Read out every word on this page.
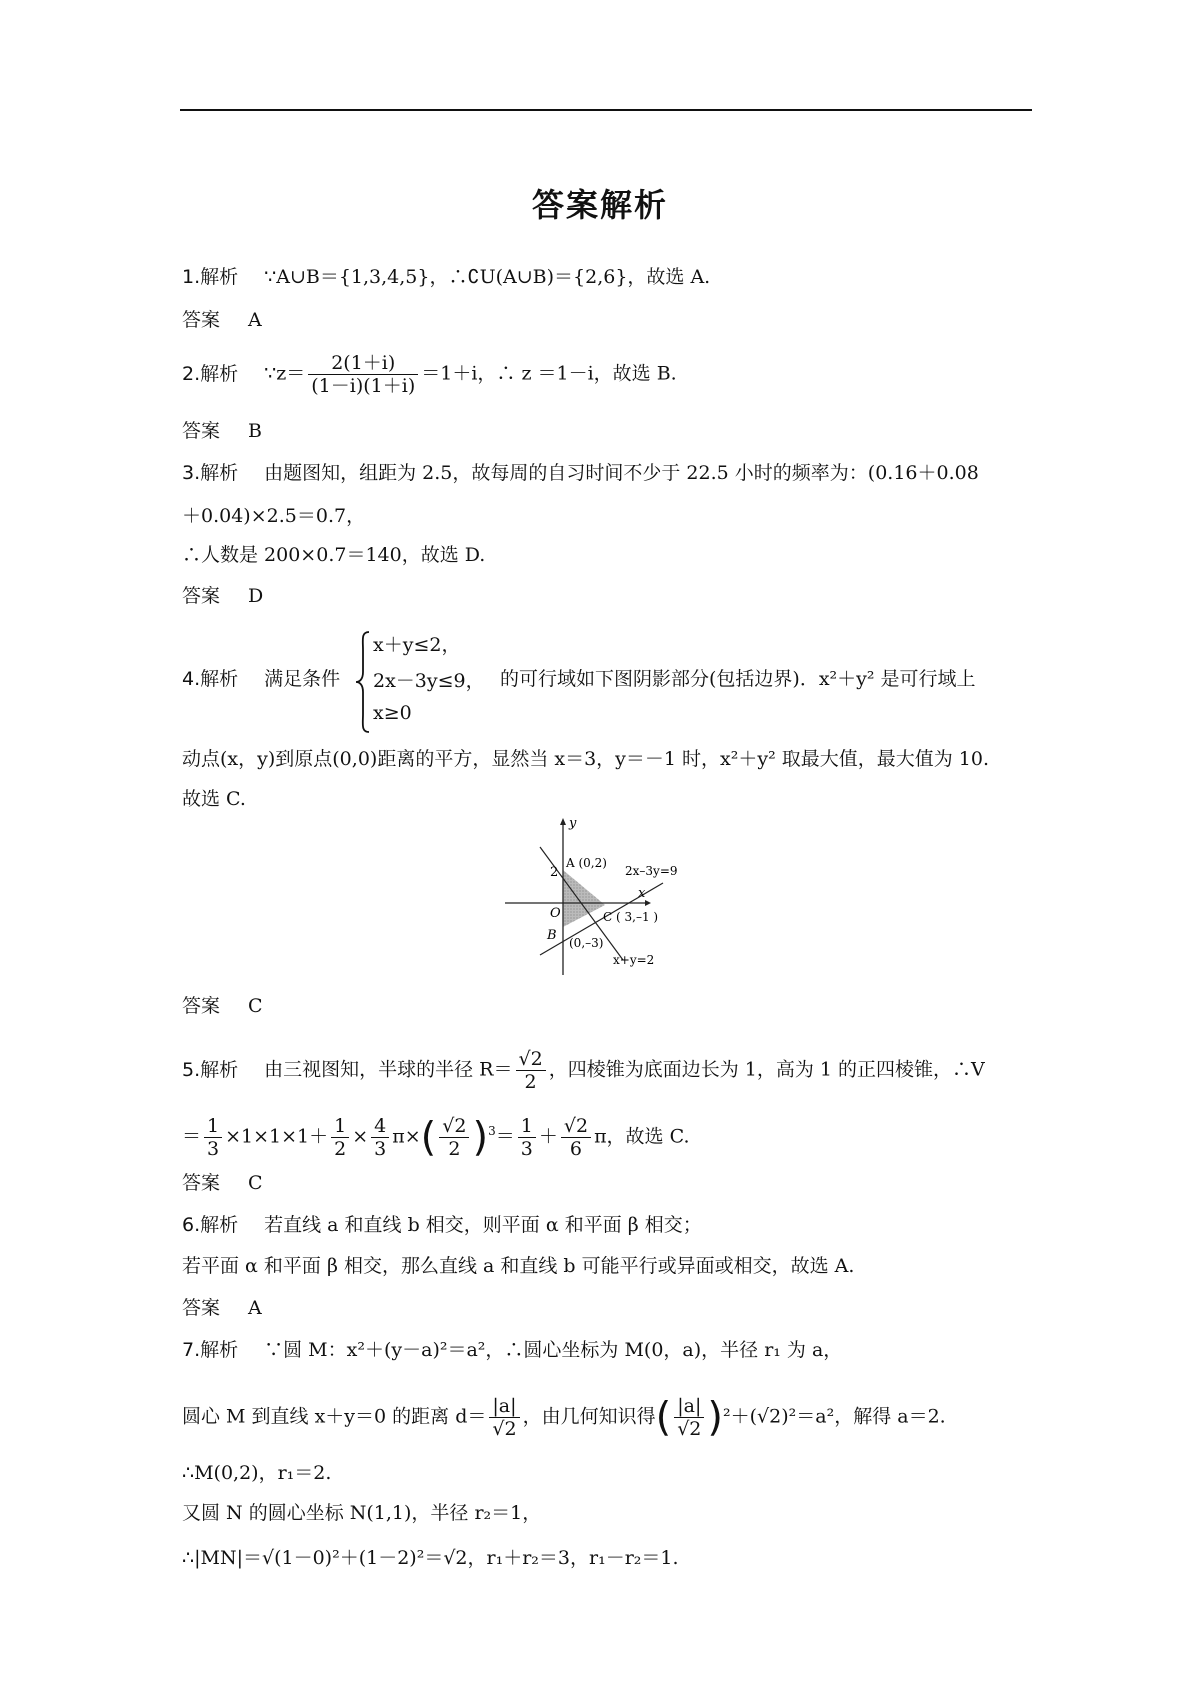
答案解析
1.解析 ∵A∪B＝{1,3,4,5}，∴∁U(A∪B)＝{2,6}，故选 A.
答案 A
2.解析 ∵z＝ $\frac{2(1+i)}{(1-i)(1+i)} =1+i$，∴ z ＝1－i，故选 B.
答案 B
3.解析 由题图知，组距为 2.5，故每周的自习时间不少于 22.5 小时的频率为：(0.16＋0.08
＋0.04)×2.5＝0.7，
∴人数是 200×0.7＝140，故选 D.
答案 D
4.解析 满足条件
x＋y≤2，
2x－3y≤9，
x≥0
的可行域如下图阴影部分(包括边界)．x²＋y² 是可行域上
动点(x，y)到原点(0,0)距离的平方，显然当 x＝3，y＝－1 时，x²＋y² 取最大值，最大值为 10.
故选 C.
y
x
O
2
A (0,2)
B (0,–3)
C ( 3,–1 )
2x–3y=9
x+y=2
答案 C
5.解析 由三视图知，半球的半径 $R= \frac{√2}{2}$ ，四棱锥为底面边长为 1，高为 1 的正四棱锥，∴V
＝ $\frac{1}{3} \times 1\times 1\times 1+ \frac{1}{2} \times \frac{4}{3} \pi\times( \frac{√2}{2} )^3= \frac{1}{3} + \frac{√2}{6}$ π，故选 C.
答案 C
6.解析 若直线 a 和直线 b 相交，则平面 α 和平面 β 相交；
若平面 α 和平面 β 相交，那么直线 a 和直线 b 可能平行或异面或相交，故选 A.
答案 A
7.解析 ∵圆 M：x²＋(y－a)²＝a²，∴圆心坐标为 M(0，a)，半径 r₁ 为 a，
圆心 M 到直线 x＋y＝0 的距离 $d= \frac{|a|}{√2}$ ，由几何知识得( $\frac{|a|}{√2} )^2+(√2)^2=a^2$，解得 a＝2.
∴M(0,2)，r₁＝2.
又圆 N 的圆心坐标 N(1,1)，半径 r₂＝1，
∴|MN|＝√(1－0)²＋(1－2)²＝√2，r₁＋r₂＝3，r₁－r₂＝1.
